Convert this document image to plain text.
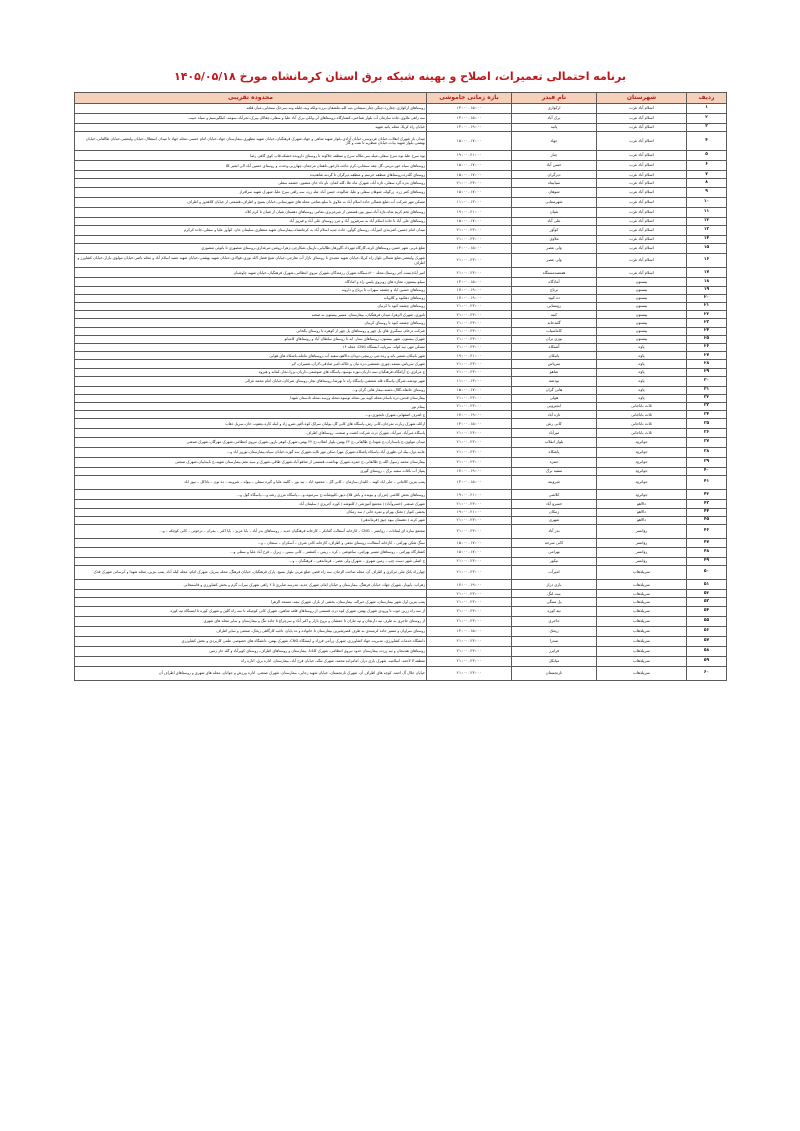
برنامه احتمالی تعمیرات، اصلاح و بهینه شبکه برق استان کرمانشاه مورخ ۱۴۰۵/۰۵/۱۸
ردیف	شهرستان	نام فیدر	بازه زمانی خاموشی	محدوده تقریبی
۱	اسلام آباد غرب	ارکوازی	۱۳:۰۰-۱۵:۰۰	روستاهای ارکوازی–چغازرد–چنگر–چنار–سیمانی–تپه کله–ملشقان–برزه–ولکه ونه–جلیله ونه–سرحک سنجابی–میان قلعه
۲	اسلام آباد غرب	برک آباد	۱۳:۰۰-۱۵:۰۰	سه راهی ملاوی–جاده سازمان آب بلوار شناختی–کشتارگاه–روستاهای لر–ولکی–برک آباد علیا و سفلی–چقاکل–پیرک–تجرآباد–سومه، کیلگیرسیم و سیاه حبیب
۳	اسلام آباد غرب	پاتید	۱۳:۰۰-۱۹:۰۰	خیابان راه کربلا، محله پاتید شهید
۴	اسلام آباد غرب	جهاد	۱۵:۰۰-۱۷:۰۰	میدان باز شهرک انقلاب–خیابان فردوسی–خیابان آزادی–بلوار شهید شاهی و جهاد–شهرک فرهنگیان–خیابان شهید مطهری–بیمارستان جهاد–خیابان امام خمینی–محله جهاد تا میدان استقلال–خیابان ولیعصر–خیابان طالقانی–خیابان بهشتی–بلوار شهید بیات–خیابان منظریه تا نفت و گاز
۵	اسلام آباد غرب	چنار	۱۹:۰۰-۲۱:۰۰	نوه سرخ علیا-نوه سرخ سفلی–میله سر–ملاله سرخ و منطقه جلالوند تا روستای دارونده-خشکه-قاپ کوی گاهی رضا
۶	اسلام آباد غرب	حسن آباد	۱۵:۰۰-۱۷:۰۰	روستاهای سیاه خور–تربنی–گل چقه سنجابی–کرم جاجه–دارخور–ناهمان مرجمان–چهارزبر–وحدت و روستای حسین آباد الی انجیر کلا
۷	اسلام آباد غرب	دیزگران	۱۵:۰۰-۱۷:۰۰	روستای گلدره–روستاهای منطقه حرسم و منطقه دیزگران تا گردنه شاهدیده
۸	اسلام آباد غرب	سیابیناه	۲۱:۰۰-۲۳:۰۰	روستاهای بدره گرد سفلی، تازه آباد، شهرک ماه علا ،گله کمان، ناو داد خان منصور، جشمه سفلی
۹	اسلام آباد غرب	شوهان	۱۵:۰۰-۱۷:۰۰	روستاهای کمر زرد، زرگوله، شوهان سفلی و علیا، شالوده، حسن آباد، مله زرد، سه راهی سرخ علیا، شهرک شهید سرافراز
۱۰	اسلام آباد غرب	شهرستانی	۱۱:۰۰-۱۳:۰۰	مسکن مهر شرکت آب–ضلع شمالی جاده اسلام آباد به ملاوی تا سلو–تمامی محله های شهرستانی–خیابان بسیج و اطراف–قسمتی از خیابان کلاهدوز و اطراف
۱۱	اسلام آباد غرب	شیان	۱۹:۰۰-۲۱:۰۰	روستاهای تخم کریم شاه–تازه آباد–سور بور–قسمتی از میرعزیزی–تمامی روستاهای دهستان شیان از شیان تا کرم کلاه
۱۲	اسلام آباد غرب	علی آباد	۱۵:۰۰-۱۷:۰۰	روستاهای علی آباد تا جاده اسلام آباد به سرفیروز آباد و مرز روستای علی آباد و فیروز آباد
۱۳	اسلام آباد غرب	کوآور	۲۱:۰۰-۲۳:۰۰	میدان امام حسین–کمربندی امیرآباد، روستای گوآور، جاده جدید اسلام آباد به کرمانشاه–بیمارستان شهید منتظری–سلیمان خان، کوآور علیا و سفلی–جاده کرکرم
۱۴	اسلام آباد غرب	ملاوی	۲۱:۰۰-۲۳:۰۰	
۱۵	اسلام آباد غرب	ولی عصر	۱۳:۰۰-۱۵:۰۰	ضلع غربی شهر حسن–روستاهای کرند–گارگاه مهرداد–گاورهار–طالیابی–نارینک–شکارچی–زهرا–روشن–مرغداری–روستای منصوری تا بانوئی منصوری
۱۶	اسلام آباد غرب	ولی عصر	۲۱:۰۰-۲۳:۰۰	شهرک ولیعصر–ضلع شمالی بلوار راه کربلا–خیابان شهید مجیدی تا روستای بازار آب نقارچی–خیابان شیخ فضل الله نوری–فولادی–خیابان شهید بهشتی–خیابان شهید عمید اسلام آباد و محله ناصر–خیابان مولوی–بازار–خیابان کشاورز و اطراف
۱۷	اسلام آباد غرب	هفتصدمستگاه	۲۱:۰۰-۲۳:۰۰	امیر آباد(بست آخر روستا)–محله ۷۰۰دستگاه–شهرک رزمندگان–شهرک نیروی انتظامی–شهرک فرهنگیان–خیابان شهید چاوشیان
۱۸	بیستون	آمادگاه	۱۳:۰۰-۱۵:۰۰	سیلو بیستون، مغازه های روبروی پلیس راه و امادگاه
۱۹	بیستون	برناج	۱۷:۰۰-۱۹:۰۰	روستاهای حسین اباد و چشمه سهراب تا برناج و دارونه
۲۰	بیستون	ده کبود	۱۷:۰۰-۱۹:۰۰	روستاهای دهکبود و کلاویانه
۲۱	بیستون	روستایی	۲۱:۰۰-۲۳:۰۰	روستاهای چشمه کبود تا کرنیان
۲۲	بیستون	کنیه	۲۱:۰۰-۲۳:۰۰	نانوری، شهرک الزهرا، میدان فرهنگیان، بیمارستان، مسیر بیستون به صحنه
۲۳	بیستون	گلبدخانه	۲۱:۰۰-۲۳:۰۰	روستاهای چشمه کبود تا روستای کرنیان
۲۴	بیستون	کاماسیاب	۲۱:۰۰-۲۳:۰۰	شرکت درخام، سنگبری های پل چهر و روستاهای پل چهر از کوهره تا روستای بگخانی
۲۵	بیستون	نوزی بران	۲۱:۰۰-۲۳:۰۰	شهرک بیستون، شهر بیستون، روستاهای سنار، ابد تا روستای سلطان آباد و روستاهای کامیانو
۲۶	پاوه	آشتکاه	۲۱:۰۰-۲۳:۰۰	مسکن مهر، تپه کوله، سرپایه، ایستگاه CNG، محله ۱۴
۲۷	پاوه	بانبکان	۱۹:۰۰-۲۱:۰۰	شهر بانیکان–شمیر بانه و رده–تنی زرنیچی–دودان–دالاهو–سفید آب–روستاهای مامله–باشکاه های هوایی
۲۸	پاوه	سرپاس	۲۱:۰۰-۲۳:۰۰	شهرک سرپاس–نسمه–چوری–شمشیر–دره نیان و جلاله–امیر صادقی–لاران–شمیران، لاو
۲۹	پاوه	شاهو	۲۱:۰۰-۲۳:۰۰	چ مرکزی–ج آرامگاه–فرهنگیان–سه داریان–نوزه نوسود–پاسگاه های شوشمی–داریان–بزرا–نجار–کمانه و هیروه
۳۰	پاوه	نودشه	۱۱:۰۰-۱۳:۰۰	شهر نودشه–شرگل–پاسگاه قله شمشی–پاسگاه راه تا نهرشا–روستاهای نجار–روستای شرکان–خیابان امام محمد غزالی
۳۱	پاوه	هانی گران	۱۵:۰۰-۱۷:۰۰	روستای خانقاه–گلال–دشته–بیمار هانی گران و...
۳۲	پاوه	هولی	۲۱:۰۰-۲۳:۰۰	بیمارستان قدس–دره باسام–محله کوبه بیر–محله نوسود–محله ورسد–محله تادستان شهدا
۳۳	ثلاث باباجانی	انجیروبی	۲۱:۰۰-۲۳:۰۰	بیمام نور
۳۴	ثلاث باباجانی	تازه آباد	۱۷:۰۰-۱۹:۰۰	ج اشرف اصفهانی–شهرک تایجوزی–و...
۳۵	ثلاث باباجانی	کانی رش	۱۳:۰۰-۱۵:۰۰	ارکله–شهرک زیارت تمرخان–کانی رش–پاسگاه های کانی گل–بولبان سرلک کوه–آقیز–ضرو زاد و کیله کاره–یعقوب خان–سرپل ذهاب
۳۶	ثلاث باباجانی	میرآباد	۲۱:۰۰-۲۳:۰۰	پاسگاه میرآباد، میرآباد، شهرک دره، شرکت کشت و صنعت، روستاهای اطراف
۳۷	جوانرود	بلوار انقلاب	۲۱:۰۰-۲۳:۰۰	میدان مولوی–ج باسداران–ج شهدا–ج طالقانی–ج ۲۲ بهمن–بلوار انقلاب–ج ۲۲ بهمن–شهرک کوهر بارور–شهرک نیروی انتظامی–شهرک مهرگان–شهرک صنعتی
۳۸	جوانرود	پاشکاه	۲۱:۰۰-۲۳:۰۰	عاینه دول–بیله لی–ظهری آباد–پاسکاه پاشکاه–شهرک مهرا–سکن مهر تلایه–شهرک سه گوزه–خیابان سیاه–بیمارستان–نوروز اباد و...
۳۹	جوانرود	حمزه	۲۱:۰۰-۲۳:۰۰	بیمارستان محمد رسول الله–ج طالقانی–ج حمزه–شهرک بهداشت–قسمتی از شاهو آباد–شهرک طاقی–شهرک و سید نجم–بیمارستان شهید–ج نابیناییان–شهرک صنعتی
۴۰	جوانرود	سفید برگ	۱۷:۰۰-۱۹:۰۰	پمپاژ آب بافات سفید برگ – روستای گوری
۴۱	جوانرود	شروینه	۱۳:۰۰-۱۵:۰۰	پمپ بنزین کلامانی – علی اباد کهنه – کلیدار–سازمان – کانی گل – محمود اباد – تپه بور – گلینه علیا و گیره سفلی – بیوله – شروینه – ده تون – باداکل – نیوز اباد
۴۲	جوانرود	کلاشی	۱۹:۰۰-۲۱:۰۰	روستاهای بخش کلاشی (مزران و بیونده و باش قلا)–دیوز–کلیوشانه–ج سرمیوه–و...–پاسگاه مرزی رشه و...–پاسگاه گول و...
۴۳	دالاهو	خسرو آباد	۲۱:۰۰-۲۳:۰۰	شهرک صنعتی (خسروآباد) / مجتمع آموزشی / کلنوشه / کوره آجرپزی / سلیمان آباد
۴۴	دالاهو	زمکان	۱۹:۰۰-۲۱:۰۰	بخشی کنوار / تختک بهرام و ثمره خانی / سد زمکان
۴۵	دالاهو	شهری	۲۱:۰۰-۲۳:۰۰	شهر کرند / دهستان بیوه جیق (فرماندهی)
۴۶	روانسر	بدر آباد	۲۱:۰۰-۲۳:۰۰	مجتمع سازه ای لیمانات – روانسر – CNG – کارخانه آسفالت گمانکر – کارخانه فرهنگیان جدید – روستاهای بدر آباد – بابا عزیز – بابا اکبر – بمران – ترخونی – کانی کوچکه – و...
۴۷	روانسر	کانی سرخه	۱۵:۰۰-۱۷:۰۰	سنگ شکن بهرامی – کارخانه آسفالت، روستای نجفی و اطراف، کارخانه کانی شرف – آسکران – سنجان – و...
۴۸	روانسر	بهرامی	۱۵:۰۰-۱۷:۰۰	کشتارگاه بهرامی – روستاهای مسیر بهرامی، ساغوشی – کره – ریس – کمشنر – کانی ببیس – زیرک – فرخ آباد علیا و سفلی و...
۴۹	روانسر	نیکور	۲۱:۰۰-۲۳:۰۰	ج اصلی شهر دست چپ – زمین شهری – شهرک ولی عصر – فرماندهی – فرهنگیان – و...
۵۰	سرپلذهاب	امیرآب	۲۱:۰۰-۲۳:۰۰	چهارراه بانک ملی مرکزی و اطراف آن، محله صاحب الزمان، سه راه قصر، ضلع غربی بلوار بسیج، پارک فرهنگیان، خیابان فرهنگ، محله سرپل، شهرک امام، محله کیله آباد، پمپ بنزین، محله شهدا و آبرسانی شهرک فدک
۵۱	سرپلذهاب	بازی دراز	۱۷:۰۰-۱۹:۰۰	زهراب، بایونار، شهرک جهاد، خیابان فرهنگ، بیمارستان و خیابان امام، شهرک جدید، مدرسه صابری تا ۲ راهی شهرک سراب گرم و بخش کشاورزی و قاسمخانی
۵۲	سرپلذهاب	بیت لنگ	۲۱:۰۰-۲۳:۰۰	
۵۳	سرپلذهاب	پل سنگی	۲۱:۰۰-۲۳:۰۰	پمپ بنزین اول شهر بیمارستان، شهرک خیراله، بیمارستان، بخشی از بازار، شهرک بیمه، مسجد الزهرا
۵۴	سرپلذهاب	تپه کوره	۲۱:۰۰-۲۳:۰۰	از سه راه زرین حوب تا ورودی شهرک بهمن، شهرک کوه دره، قسمتی از روستاهای قلعه شاهین، شهرک کانی کوچیکه تا سه راه گلین و شهرک کوره تا ایستگاه تپه کوره
۵۵	سرپلذهاب	جاجری	۲۱:۰۰-۲۳:۰۰	از روستای جاجری به طرف تپه دارنجان و تپه ماران تا جمشان و بروح بازار و اکبر آباد و سرچراغ تا جاده تنگ و بیمارستان و سایر محله های شهری
۵۶	سرپلذهاب	ریحک	۱۳:۰۰-۱۵:۰۰	روستای سراوان و مسیر جاده کرمبندی به طرف قصرشیرین بیمارستان تا خانواده و ده پایان، ناحیه کارگاهی ریحک، صنعتی و سایر اطراف
۵۷	سرپلذهاب	صدرا	۲۱:۰۰-۲۳:۰۰	دانشگاه خدمات کشاورزی، مدیریت جهاد کشاورزی، شهرک زرآمی فرزاد و ایستگاه CNG، شهرک بهمن، دانشگاه های خصوصی علمی کاربردی و بخش کشاورزی
۵۸	سرپلذهاب	فرایرز	۲۱:۰۰-۲۳:۰۰	روستاهای هندیجان و تپه زرده، بیمارستان حدود نیروی انتظامی، شهرک کانادا، بیمارستان و روستاهای اطراف، روستای کوپرآباد و گله جار زمین
۵۹	سرپلذهاب	میانکل	۲۱:۰۰-۲۳:۰۰	منطقه لا لاجعه، اسلامیه، شهرک بازی دراز، امامزاده محمد، شهرک تنگه، خیابان فرخ آباد، بیمارستان، اداره برق، اداره راه
۶۰	سرپلذهاب	نارنجستان	۲۱:۰۰-۲۳:۰۰	خیابان جلال آل احمد، کوچه های اطراف آن، شهرک نارنجستان، خیابان شهید رجایی، بیمارستان، شهرک صنعتی، اداره ورزش و جوانان، محله های شهری و روستاهای اطراف آن
